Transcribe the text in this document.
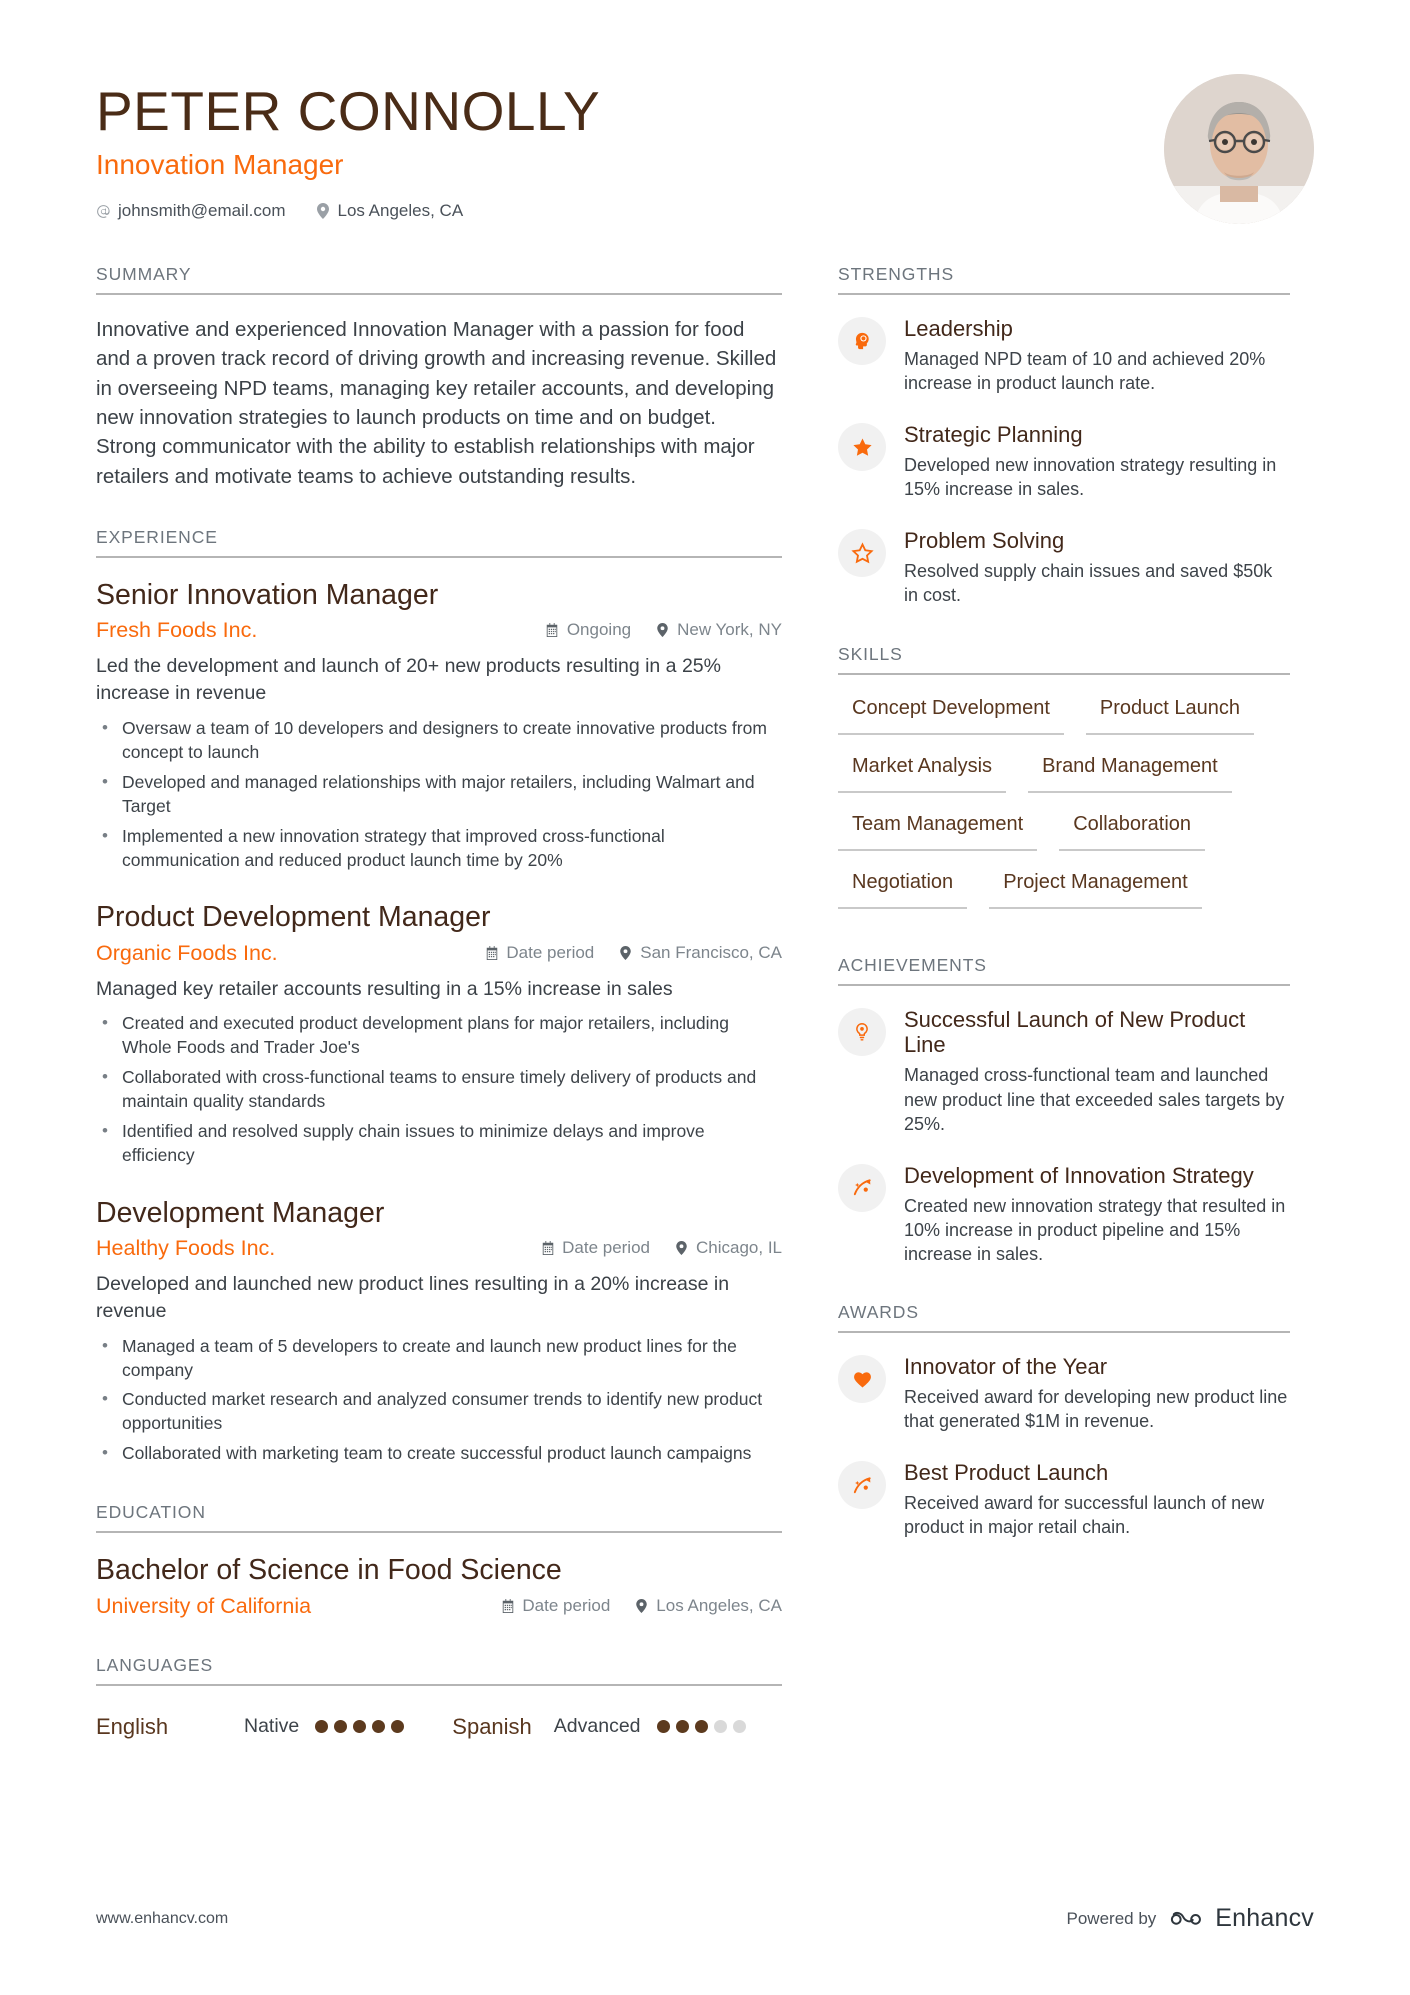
PETER CONNOLLY
Innovation Manager
johnsmith@email.com	Los Angeles, CA
SUMMARY
Innovative and experienced Innovation Manager with a passion for food and a proven track record of driving growth and increasing revenue. Skilled in overseeing NPD teams, managing key retailer accounts, and developing new innovation strategies to launch products on time and on budget. Strong communicator with the ability to establish relationships with major retailers and motivate teams to achieve outstanding results.
EXPERIENCE
Senior Innovation Manager
Fresh Foods Inc.	Ongoing	New York, NY
Led the development and launch of 20+ new products resulting in a 25% increase in revenue
• Oversaw a team of 10 developers and designers to create innovative products from concept to launch
• Developed and managed relationships with major retailers, including Walmart and Target
• Implemented a new innovation strategy that improved cross-functional communication and reduced product launch time by 20%
Product Development Manager
Organic Foods Inc.	Date period	San Francisco, CA
Managed key retailer accounts resulting in a 15% increase in sales
• Created and executed product development plans for major retailers, including Whole Foods and Trader Joe's
• Collaborated with cross-functional teams to ensure timely delivery of products and maintain quality standards
• Identified and resolved supply chain issues to minimize delays and improve efficiency
Development Manager
Healthy Foods Inc.	Date period	Chicago, IL
Developed and launched new product lines resulting in a 20% increase in revenue
• Managed a team of 5 developers to create and launch new product lines for the company
• Conducted market research and analyzed consumer trends to identify new product opportunities
• Collaborated with marketing team to create successful product launch campaigns
EDUCATION
Bachelor of Science in Food Science
University of California	Date period	Los Angeles, CA
LANGUAGES
English	Native	Spanish Advanced
STRENGTHS
Leadership
Managed NPD team of 10 and achieved 20% increase in product launch rate.
Strategic Planning
Developed new innovation strategy resulting in 15% increase in sales.
Problem Solving
Resolved supply chain issues and saved $50k in cost.
SKILLS
Concept Development	Product Launch
Market Analysis	Brand Management
Team Management	Collaboration
Negotiation	Project Management
ACHIEVEMENTS
Successful Launch of New Product Line
Managed cross-functional team and launched new product line that exceeded sales targets by 25%.
Development of Innovation Strategy
Created new innovation strategy that resulted in 10% increase in product pipeline and 15% increase in sales.
AWARDS
Innovator of the Year
Received award for developing new product line that generated $1M in revenue.
Best Product Launch
Received award for successful launch of new product in major retail chain.
www.enhancv.com	Powered by Enhancv
